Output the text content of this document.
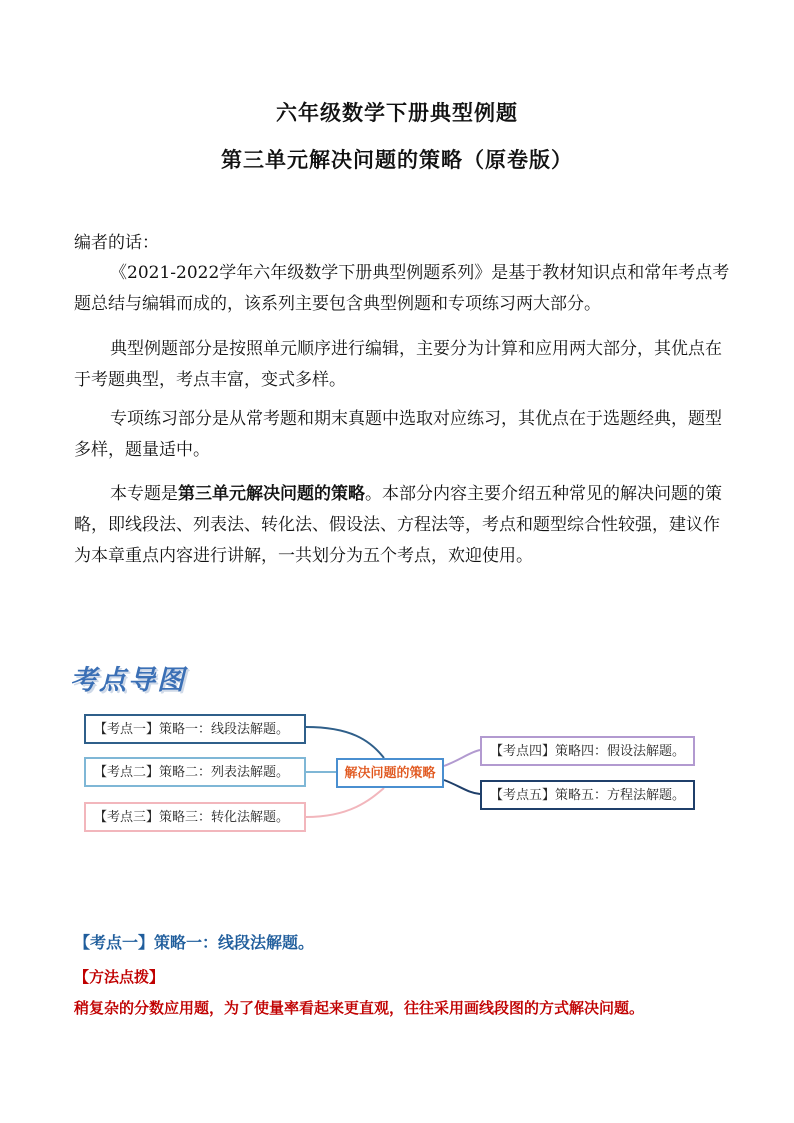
六年级数学下册典型例题
第三单元解决问题的策略（原卷版）

编者的话：

《2021-2022学年六年级数学下册典型例题系列》是基于教材知识点和常年考点考题总结与编辑而成的，该系列主要包含典型例题和专项练习两大部分。

典型例题部分是按照单元顺序进行编辑，主要分为计算和应用两大部分，其优点在于考题典型，考点丰富，变式多样。

专项练习部分是从常考题和期末真题中选取对应练习，其优点在于选题经典，题型多样，题量适中。

本专题是第三单元解决问题的策略。本部分内容主要介绍五种常见的解决问题的策略，即线段法、列表法、转化法、假设法、方程法等，考点和题型综合性较强，建议作为本章重点内容进行讲解，一共划分为五个考点，欢迎使用。

考点导图
【考点一】策略一：线段法解题。
【考点二】策略二：列表法解题。
【考点三】策略三：转化法解题。
解决问题的策略
【考点四】策略四：假设法解题。
【考点五】策略五：方程法解题。
【考点一】策略一：线段法解题。
【方法点拨】
稍复杂的分数应用题，为了使量率看起来更直观，往往采用画线段图的方式解决问题。
